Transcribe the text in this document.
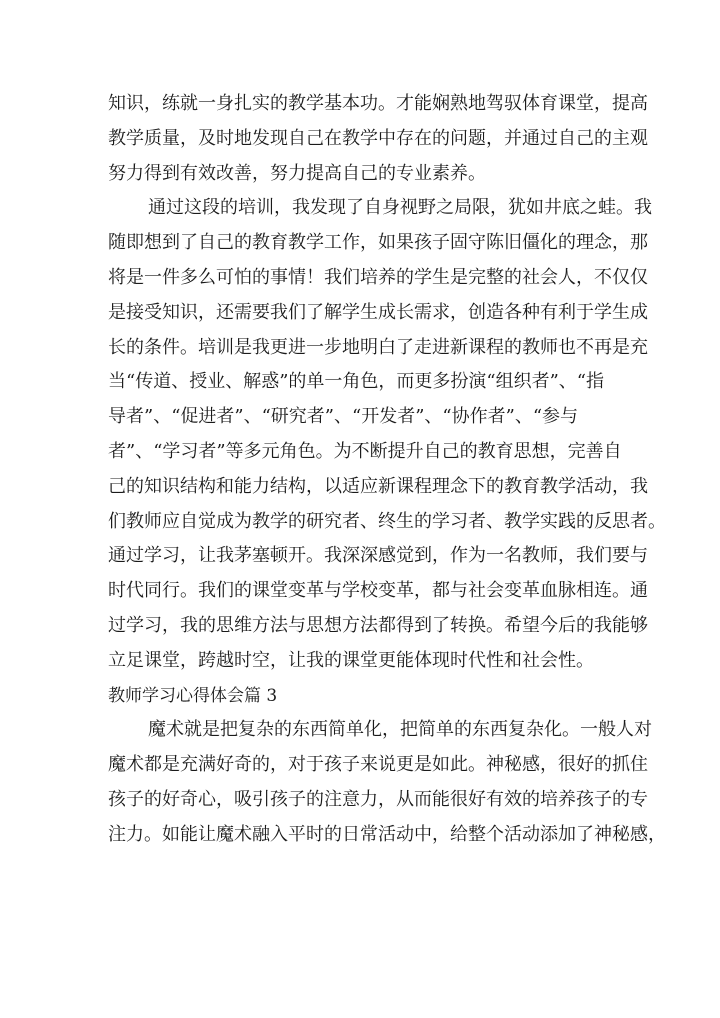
知识，练就一身扎实的教学基本功。才能娴熟地驾驭体育课堂，提高
教学质量，及时地发现自己在教学中存在的问题，并通过自己的主观
努力得到有效改善，努力提高自己的专业素养。
通过这段的培训，我发现了自身视野之局限，犹如井底之蛙。我
随即想到了自己的教育教学工作，如果孩子固守陈旧僵化的理念，那
将是一件多么可怕的事情！我们培养的学生是完整的社会人，不仅仅
是接受知识，还需要我们了解学生成长需求，创造各种有利于学生成
长的条件。培训是我更进一步地明白了走进新课程的教师也不再是充
当“传道、授业、解惑”的单一角色，而更多扮演“组织者”、“指
导者”、“促进者”、“研究者”、“开发者”、“协作者”、“参与
者”、“学习者”等多元角色。为不断提升自己的教育思想，完善自
己的知识结构和能力结构，以适应新课程理念下的教育教学活动，我
们教师应自觉成为教学的研究者、终生的学习者、教学实践的反思者。
通过学习，让我茅塞顿开。我深深感觉到，作为一名教师，我们要与
时代同行。我们的课堂变革与学校变革，都与社会变革血脉相连。通
过学习，我的思维方法与思想方法都得到了转换。希望今后的我能够
立足课堂，跨越时空，让我的课堂更能体现时代性和社会性。
教师学习心得体会篇 3
魔术就是把复杂的东西简单化，把简单的东西复杂化。一般人对
魔术都是充满好奇的，对于孩子来说更是如此。神秘感，很好的抓住
孩子的好奇心，吸引孩子的注意力，从而能很好有效的培养孩子的专
注力。如能让魔术融入平时的日常活动中，给整个活动添加了神秘感，
